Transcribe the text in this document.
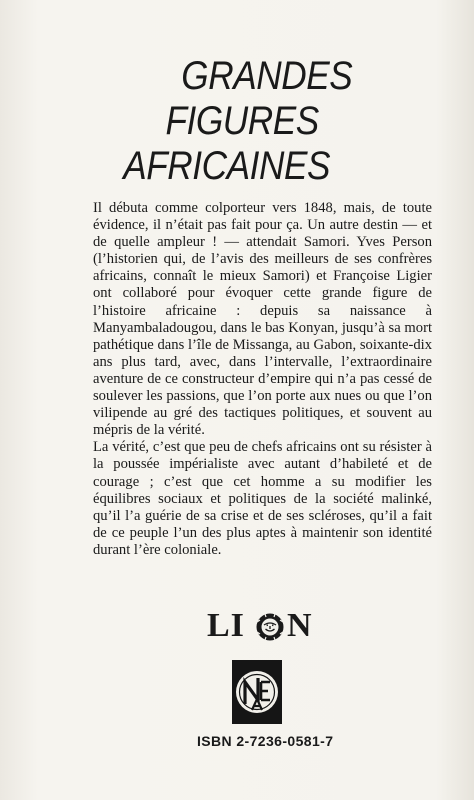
GRANDES
FIGURES
AFRICAINES

Il débuta comme colporteur vers 1848, mais, de toute évidence, il n’était pas fait pour ça. Un autre destin — et de quelle ampleur ! — attendait Samori. Yves Person (l’historien qui, de l’avis des meilleurs de ses confrères africains, connaît le mieux Samori) et Françoise Ligier ont collaboré pour évoquer cette grande figure de l’histoire africaine : depuis sa naissance à Manyambaladougou, dans le bas Konyan, jusqu’à sa mort pathétique dans l’île de Missanga, au Gabon, soixante-dix ans plus tard, avec, dans l’intervalle, l’extraordinaire aventure de ce constructeur d’empire qui n’a pas cessé de soulever les passions, que l’on porte aux nues ou que l’on vilipende au gré des tactiques politiques, et souvent au mépris de la vérité.

La vérité, c’est que peu de chefs africains ont su résister à la poussée impérialiste avec autant d’habileté et de courage ; c’est que cet homme a su modifier les équilibres sociaux et politiques de la société malinké, qu’il l’a guérie de sa crise et de ses scléroses, qu’il a fait de ce peuple l’un des plus aptes à maintenir son identité durant l’ère coloniale.

LI N
ISBN 2-7236-0581-7
